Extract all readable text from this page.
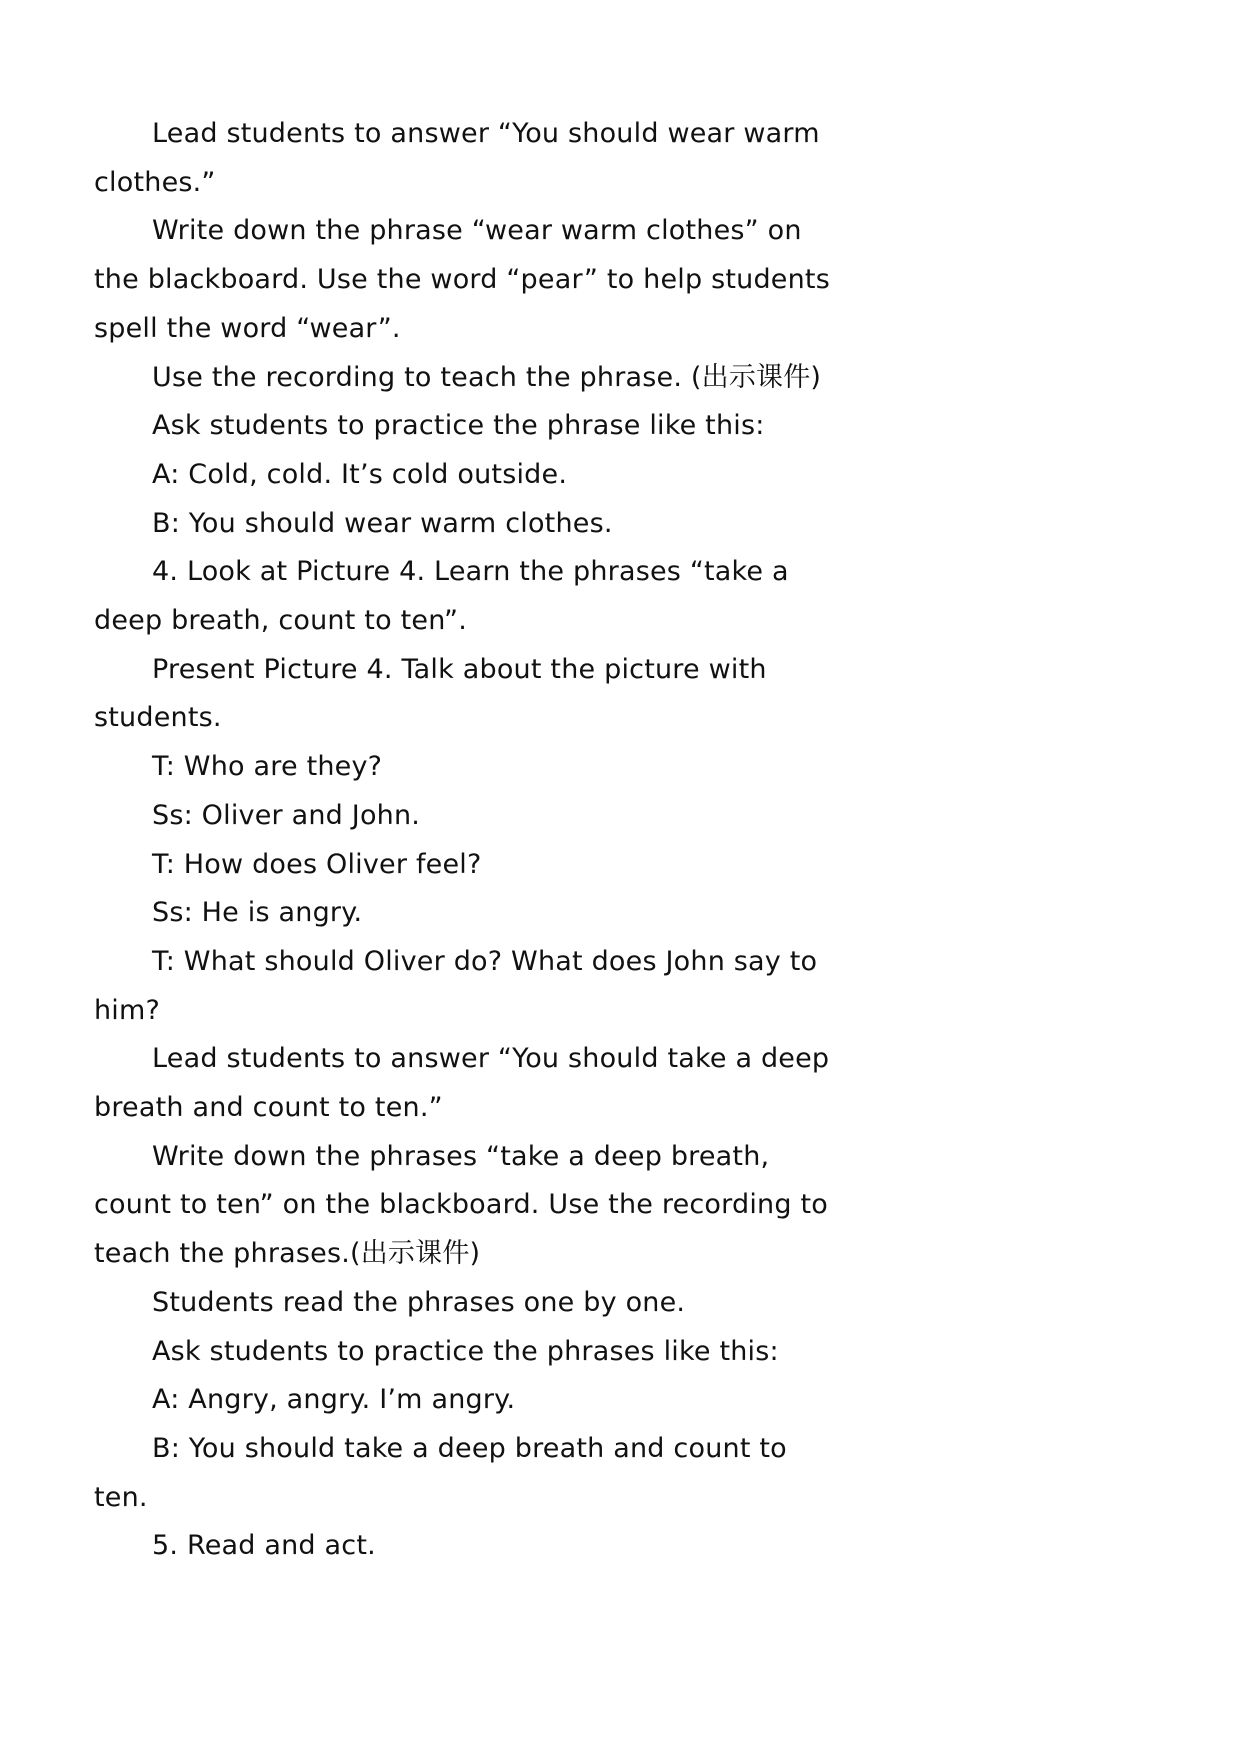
Lead students to answer “You should wear warm clothes.”

Write down the phrase “wear warm clothes” on the blackboard. Use the word “pear” to help students spell the word “wear”.

Use the recording to teach the phrase. (出示课件)

Ask students to practice the phrase like this:

A: Cold, cold. It’s cold outside.

B: You should wear warm clothes.

4. Look at Picture 4. Learn the phrases “take a deep breath, count to ten”.

Present Picture 4. Talk about the picture with students.

T: Who are they?

Ss: Oliver and John.

T: How does Oliver feel?

Ss: He is angry.

T: What should Oliver do? What does John say to him?

Lead students to answer “You should take a deep breath and count to ten.”

Write down the phrases “take a deep breath, count to ten” on the blackboard. Use the recording to teach the phrases.(出示课件)

Students read the phrases one by one.

Ask students to practice the phrases like this:

A: Angry, angry. I’m angry.

B: You should take a deep breath and count to ten.

5. Read and act.
